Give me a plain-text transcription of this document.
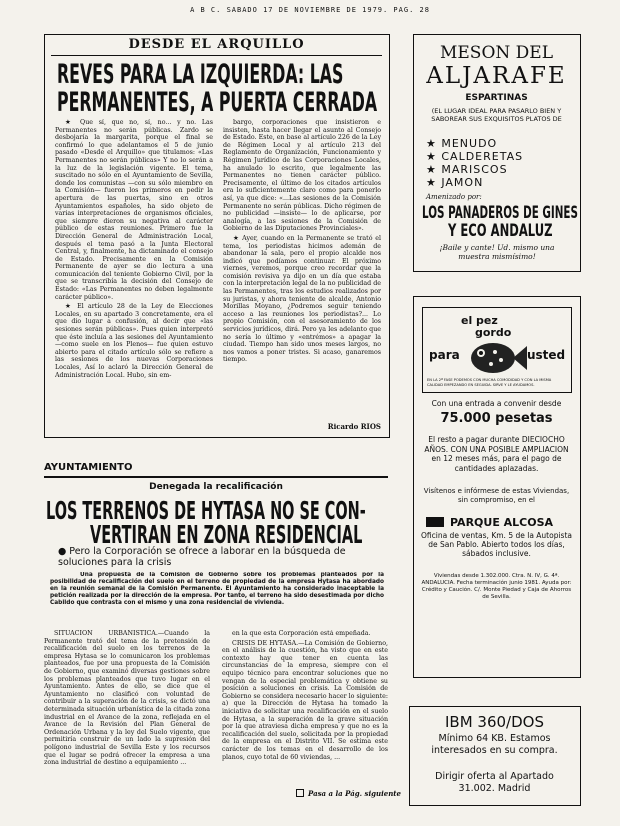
A B C. SABADO 17 DE NOVIEMBRE DE 1979. PAG. 28
DESDE EL ARQUILLO
REVES PARA LA IZQUIERDA: LAS
PERMANENTES, A PUERTA CERRADA

★ Que sí, que no, sí, no... y no. Las Permanentes no serán públicas. Zardo se desbojaría la margarita, porque el final se confirmó lo que adelantamos el 5 de junio pasado «Desde el Arquillo» que titulamos: «Las Permanentes no serán públicas» Y no lo serán a la luz de la legislación vigente. El tema, suscitado no sólo en el Ayuntamiento de Sevilla, donde los comunistas —con su sólo miembro en la Comisión— fueron los primeros en pedir la apertura de las puertas, sino en otros Ayuntamientos españoles, ha sido objeto de varias interpretaciones de organismos oficiales, que siempre dieron su negativa al carácter público de estas reuniones. Primero fue la Dirección General de Administración Local, después el tema pasó a la Junta Electoral Central, y, finalmente, ha dictaminado el consejo de Estado. Precisamente en la Comisión Permanente de ayer se dio lectura a una comunicación del teniente Gobierno Civil, por la que se transcribía la decisión del Consejo de Estado: «Las Permanentes no deben legalmente carácter público».

★ El artículo 28 de la Ley de Elecciones Locales, en su apartado 3 concretamente, era el que dio lugar a confusión, al decir que «las sesiones serán públicas». Pues quien interpretó que éste incluía a las sesiones del Ayuntamiento —como suele en los Plenos— fue quien estuvo abierto para el citado artículo sólo se refiere a las sesiones de los nuevas Corporaciones Locales, Así lo aclaró la Dirección General de Administración Local. Hubo, sin em-

bargo, corporaciones que insistieron e insisten, hasta hacer llegar el asunto al Consejo de Estado. Este, en base al artículo 226 de la Ley de Régimen Local y al artículo 213 del Reglamento de Organización, Funcionamiento y Régimen Jurídico de las Corporaciones Locales, ha anulado lo escrito, que legalmente las Permanentes no tienen carácter público. Precisamente, el último de los citados artículos era lo suficientemente claro como para ponerlo así, ya que dice: «...Las sesiones de la Comisión Permanente no serán públicas. Dicho régimen de no publicidad —insiste— lo de aplicarse, por analogía, a las sesiones de la Comisión de Gobierno de las Diputaciones Provinciales».

★ Ayer, cuando en la Permanente se trató el tema, los periodistas hicimos ademán de abandonar la sala, pero el propio alcalde nos indicó que podíamos continuar. El próximo viernes, veremos, porque creo recordar que la comisión revisiva ya dijo en un día que estaba con la interpretación legal de la no publicidad de las Permanentes, tras los estudios realizados por su juristas, y ahora teniente de alcalde, Antonio Morillas Moyano, ¿Podremos seguir teniendo acceso a las reuniones los periodistas?... Lo propio Comisión, con el asesoramiento de los servicios jurídicos, dirá. Pero ya les adelanto que no sería lo último y «entrémos» a apagar la ciudad. Tiempo han sido unos meses largos, no nos vamos a poner tristes. Si acaso, ganaremos tiempo.

Ricardo RIOS
AYUNTAMIENTO
Denegada la recalificación
LOS TERRENOS DE HYTASA NO SE CON-
VERTIRAN EN ZONA RESIDENCIAL
● Pero la Corporación se ofrece a laborar en la búsqueda de soluciones para la crisis
Una propuesta de la Comisión de Gobierno sobre los problemas planteados por la posibilidad de recalificación del suelo en el terreno de propiedad de la empresa Hytasa ha abordado en la reunión semanal de la Comisión Permanente. El Ayuntamiento ha considerado inaceptable la petición realizada por la dirección de la empresa. Por tanto, el terreno ha sido desestimada por dicho Cabildo que contrasta con el mismo y una zona residencial de vivienda.

SITUACION URBANISTICA.—Cuando la Permanente trató del tema de la pretensión de recalificación del suelo en los terrenos de la empresa Hytasa se lo comunicaron los problemas planteados, fue por una propuesta de la Comisión de Gobierno, que examinó diversas gestiones sobre los problemas planteados que tuvo lugar en el Ayuntamiento. Antes de ello, se dice que el Ayuntamiento no clasificó con voluntad de contribuir a la superación de la crisis, se dictó una determinada situación urbanística de la citada zona industrial en el Avance de la zona, reflejada en el Avance de la Revisión del Plan General de Ordenación Urbana y la ley del Suelo vigente, que permitiría construir de un lado la supresión del polígono industrial de Sevilla Este y los recursos que el lugar se podrá ofrecer la empresa a una zona industrial de destino a equipamiento ...

en la que esta Corporación está empeñada.

CRISIS DE HYTASA.—La Comisión de Gobierno, en el análisis de la cuestión, ha visto que en este contexto hay que tener en cuenta las circunstancias de la empresa, siempre con el equipo técnico para encontrar soluciones que no vengan de la especial problemática y obtiene su posición a soluciones en crisis. La Comisión de Gobierno se considera necesario hacer lo siguiente: a) que la Dirección de Hytasa ha tomado la iniciativa de solicitar una recalificación en el suelo de Hytasa, a la superación de la grave situación por la que atraviesa dicha empresa y que no es la recalificación del suelo, solicitada por la propiedad de la empresa en el Distrito VII. Se estima este carácter de los temas en el desarrollo de los planos, cuyo total de 60 viviendas, ...

Pasa a la Pág. siguiente
MESON DEL
ALJARAFE
ESPARTINAS
(EL LUGAR IDEAL PARA PASARLO BIEN Y SABOREAR SUS EXQUISITOS PLATOS DE
★ MENUDO
★ CALDERETAS
★ MARISCOS
★ JAMON
Amenizado por:
LOS PANADEROS DE GINES
Y ECO ANDALUZ
¡Baile y cante! Ud. mismo una muestra mismísimo!
el pez
gordo
para	usted
EN LA 2ª FASE PODEMOS CON MUCHA COMODIDAD Y CON LA MISMA CALIDAD EMPEZANDO EN SEGUIDA. SIRVE Y LE AYUDAMOS.
Con una entrada a convenir desde
75.000 pesetas
El resto a pagar durante DIECIOCHO AÑOS. CON UNA POSIBLE AMPLIACION en 12 meses más, para el pago de cantidades aplazadas.
Visítenos e infórmese de estas Viviendas, sin compromiso, en el
PARQUE ALCOSA
Oficina de ventas, Km. 5 de la Autopista de San Pablo. Abierto todos los días, sábados inclusive.
Viviendas desde 1.302.000. Ctra. N. IV, G. 4ª. ANDALUCIA. Fecha terminación junio 1981. Ayuda por: Crédito y Caución. C/. Monte Piedad y Caja de Ahorros de Sevilla.
IBM 360/DOS
Mínimo 64 KB. Estamos interesados en su compra.
Dirigir oferta al Apartado 31.002. Madrid
